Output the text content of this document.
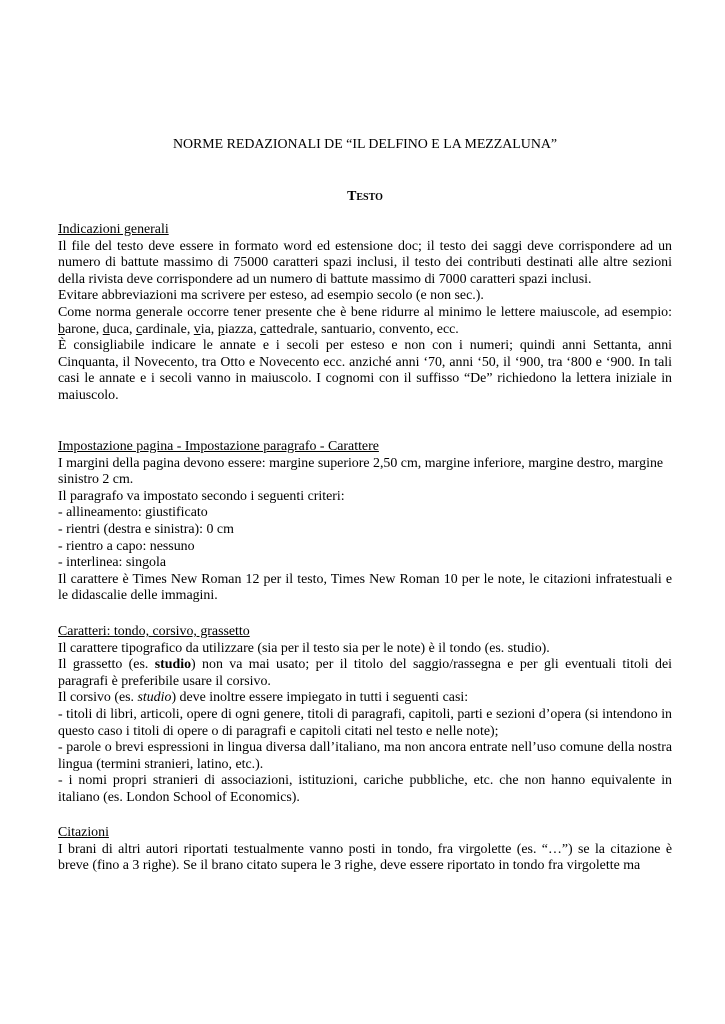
NORME REDAZIONALI DE “IL DELFINO E LA MEZZALUNA”
Testo
Indicazioni generali
Il file del testo deve essere in formato word ed estensione doc; il testo dei saggi deve corrispondere ad un numero di battute massimo di 75000 caratteri spazi inclusi, il testo dei contributi destinati alle altre sezioni della rivista deve corrispondere ad un numero di battute massimo di 7000 caratteri spazi inclusi.
Evitare abbreviazioni ma scrivere per esteso, ad esempio secolo (e non sec.).
Come norma generale occorre tener presente che è bene ridurre al minimo le lettere maiuscole, ad esempio: barone, duca, cardinale, via, piazza, cattedrale, santuario, convento, ecc.
È consigliabile indicare le annate e i secoli per esteso e non con i numeri; quindi anni Settanta, anni Cinquanta, il Novecento, tra Otto e Novecento ecc. anziché anni ‘70, anni ‘50, il ‘900, tra ‘800 e ‘900. In tali casi le annate e i secoli vanno in maiuscolo. I cognomi con il suffisso “De” richiedono la lettera iniziale in maiuscolo.
Impostazione pagina - Impostazione paragrafo - Carattere
I margini della pagina devono essere: margine superiore 2,50 cm, margine inferiore, margine destro, margine sinistro 2 cm.
Il paragrafo va impostato secondo i seguenti criteri:
- allineamento: giustificato
- rientri (destra e sinistra): 0 cm
- rientro a capo: nessuno
- interlinea: singola
Il carattere è Times New Roman 12 per il testo, Times New Roman 10 per le note, le citazioni infratestuali e le didascalie delle immagini.
Caratteri: tondo, corsivo, grassetto
Il carattere tipografico da utilizzare (sia per il testo sia per le note) è il tondo (es. studio).
Il grassetto (es. studio) non va mai usato; per il titolo del saggio/rassegna e per gli eventuali titoli dei paragrafi è preferibile usare il corsivo.
Il corsivo (es. studio) deve inoltre essere impiegato in tutti i seguenti casi:
- titoli di libri, articoli, opere di ogni genere, titoli di paragrafi, capitoli, parti e sezioni d’opera (si intendono in questo caso i titoli di opere o di paragrafi e capitoli citati nel testo e nelle note);
- parole o brevi espressioni in lingua diversa dall’italiano, ma non ancora entrate nell’uso comune della nostra lingua (termini stranieri, latino, etc.).
- i nomi propri stranieri di associazioni, istituzioni, cariche pubbliche, etc. che non hanno equivalente in italiano (es. London School of Economics).
Citazioni
I brani di altri autori riportati testualmente vanno posti in tondo, fra virgolette (es. “…”) se la citazione è breve (fino a 3 righe). Se il brano citato supera le 3 righe, deve essere riportato in tondo fra virgolette ma
